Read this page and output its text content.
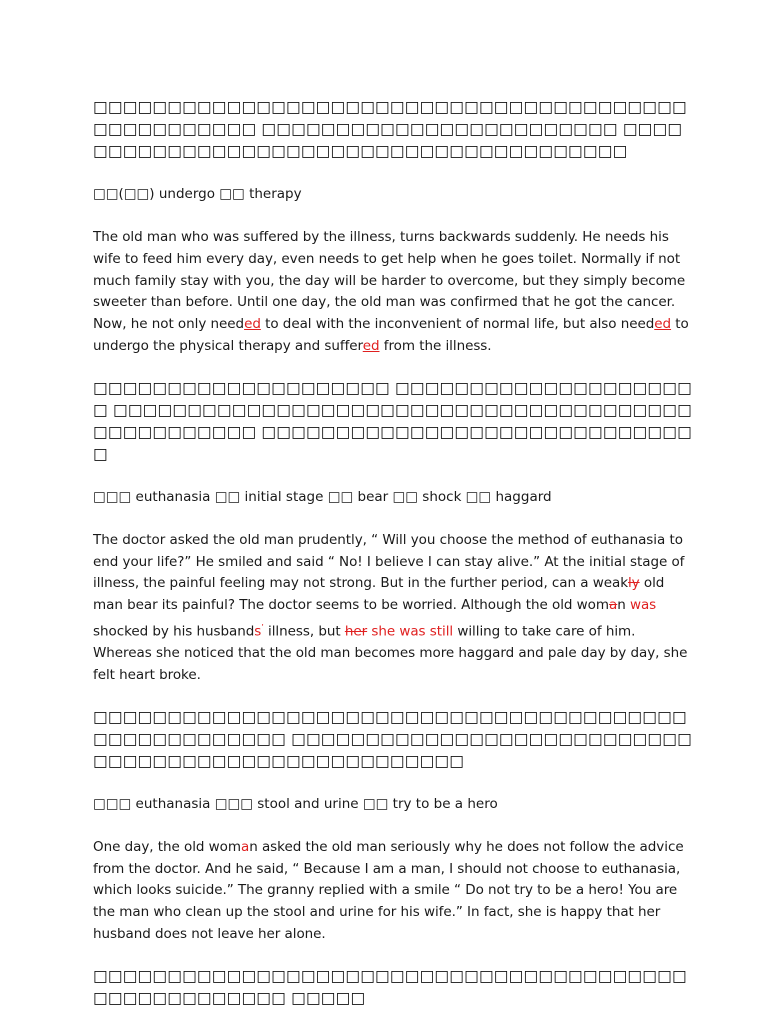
□□□□□□□□□□□□□□□□□□□□□□□□□□□□□□□□□□□□□□□□□□□□□□□□□□□ □□□□□□□□□□□□□□□□□□□□□□□□ □□□□□□□□□□□□□□□□□□□□□□□□□□□□□□□□□□□□□□□□

□□(□□) undergo □□ therapy

The old man who was suffered by the illness, turns backwards suddenly. He needs his wife to feed him every day, even needs to get help when he goes toilet. Normally if not much family stay with you, the day will be harder to overcome, but they simply become sweeter than before. Until one day, the old man was confirmed that he got the cancer. Now, he not only needed to deal with the inconvenient of normal life, but also needed to undergo the physical therapy and suffered from the illness.

□□□□□□□□□□□□□□□□□□□□ □□□□□□□□□□□□□□□□□□□□□ □□□□□□□□□□□□□□□□□□□□□□□□□□□□□□□□□□□□□□□□□□□□□□□□□□ □□□□□□□□□□□□□□□□□□□□□□□□□□□□□□

□□□ euthanasia □□ initial stage □□ bear □□ shock □□ haggard

The doctor asked the old man prudently, “ Will you choose the method of euthanasia to end your life?” He smiled and said “ No! I believe I can stay alive.” At the initial stage of illness, the painful feeling may not strong. But in the further period, can a weakly old man bear its painful? The doctor seems to be worried. Although the old woman was shocked by his husbands’ illness, but her she was still willing to take care of him. Whereas she noticed that the old man becomes more haggard and pale day by day, she felt heart broke.

□□□□□□□□□□□□□□□□□□□□□□□□□□□□□□□□□□□□□□□□□□□□□□□□□□□□□ □□□□□□□□□□□□□□□□□□□□□□□□□□□□□□□□□□□□□□□□□□□□□□□□□□□□

□□□ euthanasia □□□ stool and urine □□ try to be a hero

One day, the old woman asked the old man seriously why he does not follow the advice from the doctor. And he said, “ Because I am a man, I should not choose to euthanasia, which looks suicide.” The granny replied with a smile “ Do not try to be a hero! You are the man who clean up the stool and urine for his wife.” In fact, she is happy that her husband does not leave her alone.

□□□□□□□□□□□□□□□□□□□□□□□□□□□□□□□□□□□□□□□□□□□□□□□□□□□□□ □□□□□
